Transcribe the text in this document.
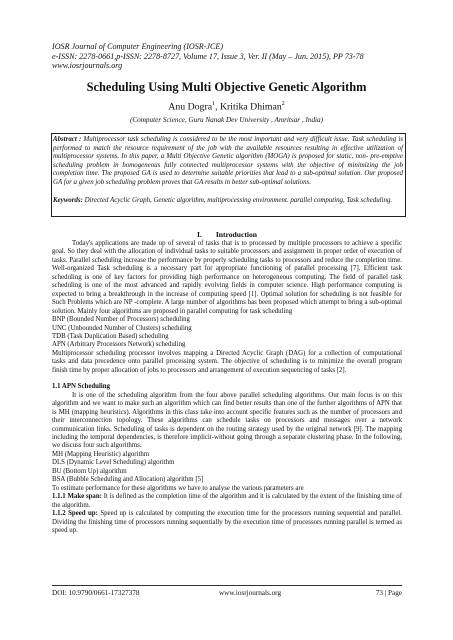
IOSR Journal of Computer Engineering (IOSR-JCE)
e-ISSN: 2278-0661,p-ISSN: 2278-8727, Volume 17, Issue 3, Ver. II (May – Jun. 2015), PP 73-78
www.iosrjournals.org
Scheduling Using Multi Objective Genetic Algorithm
Anu Dogra$^1$, Kritika Dhiman$^2$
(Computer Science, Guru Nanak Dev University , Amritsar , India)
Abstract : Multiprocessor task scheduling is considered to be the most important and very difficult issue. Task scheduling is performed to match the resource requirement of the job with the available resources resulting in effective utilization of multiprocessor systems. In this paper, a Multi Objective Genetic algorithm (MOGA) is proposed for static, non- pre-emptive scheduling problem in homogeneous fully connected multiprocessor systems with the objective of minimizing the job completion time. The proposed GA is used to determine suitable priorities that lead to a sub-optimal solution. Our proposed GA for a given job scheduling problem proves that GA results in better sub-optimal solutions.
Keywords: Directed Acyclic Graph, Genetic algorithm, multiprocessing environment. parallel computing, Task scheduling.
I. Introduction

Today's applications are made up of several of tasks that is to processed by multiple processors to achieve a specific goal. So they deal with the allocation of individual tasks to suitable processors and assignment in proper order of execution of tasks. Parallel scheduling increase the performance by properly scheduling tasks to processors and reduce the completion time. Well-organized Task scheduling is a necessary part for appropriate functioning of parallel processing [7]. Efficient task scheduling is one of key factors for providing high performance on heterogeneous computing. The field of parallel task scheduling is one of the most advanced and rapidly evolving fields in computer science. High performance computing is expected to bring a breakthrough in the increase of computing speed [1]. Optimal solution for scheduling is not feasible for Such Problems which are NP -complete. A large number of algorithms has been proposed which attempt to bring a sub-optimal solution. Mainly four algorithms are proposed in parallel computing for task scheduling

BNP (Bounded Number of Processors) scheduling

UNC (Unbounded Number of Clusters) scheduling

TDB (Task Duplication Based) scheduling

APN (Arbitrary Processors Network) scheduling

Multiprocessor scheduling processor involves mapping a Directed Acyclic Graph (DAG) for a collection of computational tasks and data precedence onto parallel processing system. The objective of scheduling is to minimize the overall program finish time by proper allocation of jobs to processors and arrangement of execution sequencing of tasks [2].

1.1 APN Scheduling

It is one of the scheduling algorithm from the four above parallel scheduling algorithms. Our main focus is on this algorithm and we want to make such an algorithm which can find better results than one of the further algorithms of APN that is MH (mapping heuristics). Algorithms in this class take into account specific features such as the number of processors and their interconnection topology. These algorithms can schedule tasks on processors and messages over a network communication links. Scheduling of tasks is dependent on the routing strategy used by the original network [9]. The mapping including the temporal dependencies, is therefore implicit-without going through a separate clustering phase. In the following, we discuss four such algorithms.

MH (Mapping Heuristic) algorithm

DLS (Dynamic Level Scheduling) algorithm

BU (Bottom Up) algorithm

BSA (Bubble Scheduling and Allocation) algorithm [5]

To estimate performance for these algorithms we have to analyse the various parameters are

1.1.1 Make span: It is defined as the completion time of the algorithm and it is calculated by the extent of the finishing time of the algorithm.

1.1.2 Speed up: Speed up is calculated by computing the execution time for the processors running sequential and parallel. Dividing the finishing time of processors running sequentially by the execution time of processors running parallel is termed as speed up.

DOI: 10.9790/0661-17327378	www.iosrjournals.org	73 | Page
